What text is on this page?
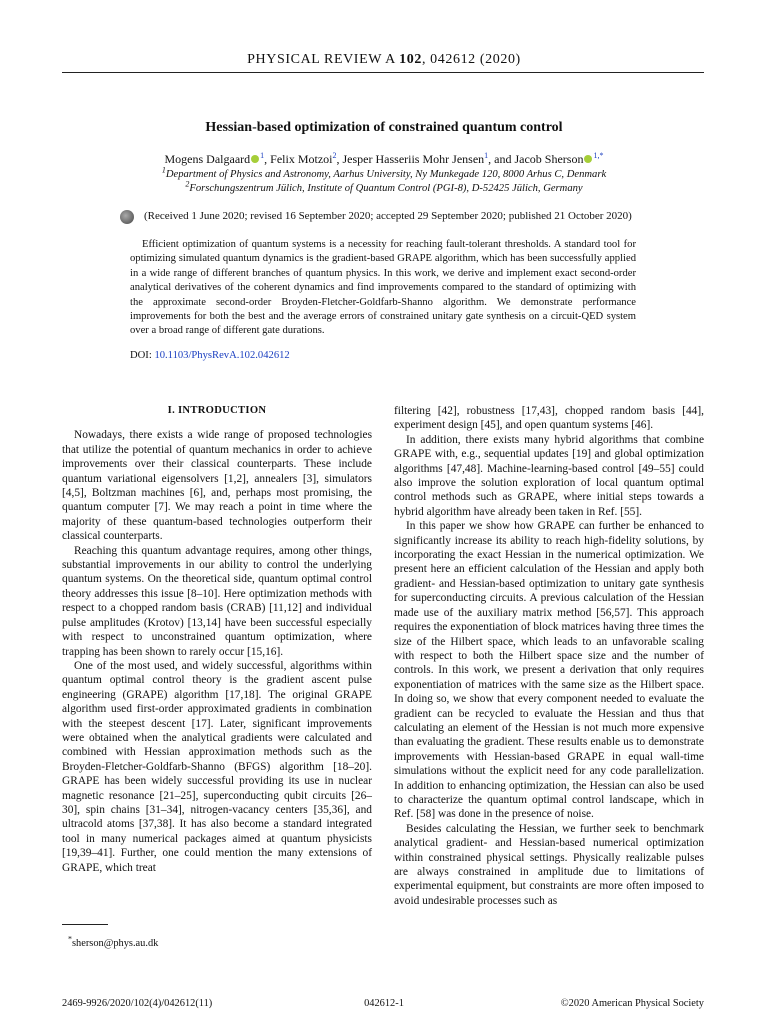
PHYSICAL REVIEW A 102, 042612 (2020)
Hessian-based optimization of constrained quantum control
Mogens Dalgaard $^1$, Felix Motzoi$^2$, Jesper Hasseriis Mohr Jensen$^1$, and Jacob Sherson $^{1,*}$
$^1$Department of Physics and Astronomy, Aarhus University, Ny Munkegade 120, 8000 Arhus C, Denmark
$^2$Forschungszentrum Jülich, Institute of Quantum Control (PGI-8), D-52425 Jülich, Germany
(Received 1 June 2020; revised 16 September 2020; accepted 29 September 2020; published 21 October 2020)
Efficient optimization of quantum systems is a necessity for reaching fault-tolerant thresholds. A standard tool for optimizing simulated quantum dynamics is the gradient-based GRAPE algorithm, which has been successfully applied in a wide range of different branches of quantum physics. In this work, we derive and implement exact second-order analytical derivatives of the coherent dynamics and find improvements compared to the standard of optimizing with the approximate second-order Broyden-Fletcher-Goldfarb-Shanno algorithm. We demonstrate performance improvements for both the best and the average errors of constrained unitary gate synthesis on a circuit-QED system over a broad range of different gate durations.
DOI: 10.1103/PhysRevA.102.042612
I. INTRODUCTION

Nowadays, there exists a wide range of proposed technologies that utilize the potential of quantum mechanics in order to achieve improvements over their classical counterparts. These include quantum variational eigensolvers [1,2], annealers [3], simulators [4,5], Boltzman machines [6], and, perhaps most promising, the quantum computer [7]. We may reach a point in time where the majority of these quantum-based technologies outperform their classical counterparts.

Reaching this quantum advantage requires, among other things, substantial improvements in our ability to control the underlying quantum systems. On the theoretical side, quantum optimal control theory addresses this issue [8–10]. Here optimization methods with respect to a chopped random basis (CRAB) [11,12] and individual pulse amplitudes (Krotov) [13,14] have been successful especially with respect to unconstrained quantum optimization, where trapping has been shown to rarely occur [15,16].

One of the most used, and widely successful, algorithms within quantum optimal control theory is the gradient ascent pulse engineering (GRAPE) algorithm [17,18]. The original GRAPE algorithm used first-order approximated gradients in combination with the steepest descent [17]. Later, significant improvements were obtained when the analytical gradients were calculated and combined with Hessian approximation methods such as the Broyden-Fletcher-Goldfarb-Shanno (BFGS) algorithm [18–20]. GRAPE has been widely successful providing its use in nuclear magnetic resonance [21–25], superconducting qubit circuits [26–30], spin chains [31–34], nitrogen-vacancy centers [35,36], and ultracold atoms [37,38]. It has also become a standard integrated tool in many numerical packages aimed at quantum physicists [19,39–41]. Further, one could mention the many extensions of GRAPE, which treat

filtering [42], robustness [17,43], chopped random basis [44], experiment design [45], and open quantum systems [46].

In addition, there exists many hybrid algorithms that combine GRAPE with, e.g., sequential updates [19] and global optimization algorithms [47,48]. Machine-learning-based control [49–55] could also improve the solution exploration of local quantum optimal control methods such as GRAPE, where initial steps towards a hybrid algorithm have already been taken in Ref. [55].

In this paper we show how GRAPE can further be enhanced to significantly increase its ability to reach high-fidelity solutions, by incorporating the exact Hessian in the numerical optimization. We present here an efficient calculation of the Hessian and apply both gradient- and Hessian-based optimization to unitary gate synthesis for superconducting circuits. A previous calculation of the Hessian made use of the auxiliary matrix method [56,57]. This approach requires the exponentiation of block matrices having three times the size of the Hilbert space, which leads to an unfavorable scaling with respect to both the Hilbert space size and the number of controls. In this work, we present a derivation that only requires exponentiation of matrices with the same size as the Hilbert space. In doing so, we show that every component needed to evaluate the gradient can be recycled to evaluate the Hessian and thus that calculating an element of the Hessian is not much more expensive than evaluating the gradient. These results enable us to demonstrate improvements with Hessian-based GRAPE in equal wall-time simulations without the explicit need for any code parallelization. In addition to enhancing optimization, the Hessian can also be used to characterize the quantum optimal control landscape, which in Ref. [58] was done in the presence of noise.

Besides calculating the Hessian, we further seek to benchmark analytical gradient- and Hessian-based numerical optimization within constrained physical settings. Physically realizable pulses are always constrained in amplitude due to limitations of experimental equipment, but constraints are more often imposed to avoid undesirable processes such as

*sherson@phys.au.dk
2469-9926/2020/102(4)/042612(11)	042612-1	©2020 American Physical Society
